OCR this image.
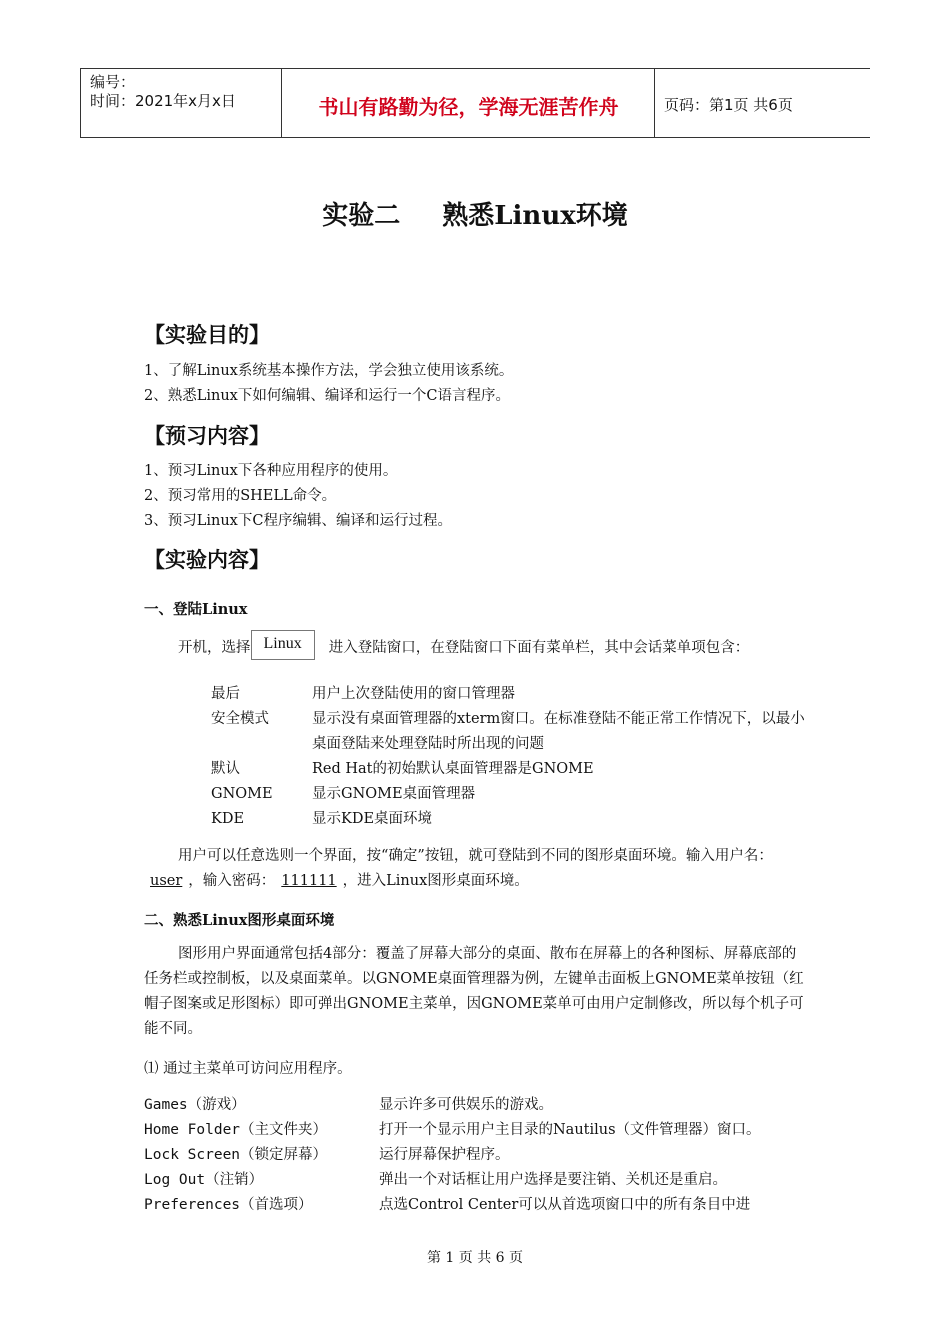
编号：
时间：2021年x月x日	书山有路勤为径，学海无涯苦作舟	页码：第1页 共6页
实验二 熟悉Linux环境
【实验目的】
1、了解Linux系统基本操作方法，学会独立使用该系统。
2、熟悉Linux下如何编辑、编译和运行一个C语言程序。
【预习内容】
1、预习Linux下各种应用程序的使用。
2、预习常用的SHELL命令。
3、预习Linux下C程序编辑、编译和运行过程。
【实验内容】
一、登陆Linux
开机，选择 Linux 进入登陆窗口，在登陆窗口下面有菜单栏，其中会话菜单项包含：
最后	用户上次登陆使用的窗口管理器
安全模式	显示没有桌面管理器的xterm窗口。在标准登陆不能正常工作情况下，以最小桌面登陆来处理登陆时所出现的问题
默认	Red Hat的初始默认桌面管理器是GNOME
GNOME	显示GNOME桌面管理器
KDE	显示KDE桌面环境
用户可以任意选则一个界面，按“确定”按钮，就可登陆到不同的图形桌面环境。输入用户名：user ，输入密码： 111111 ，进入Linux图形桌面环境。
二、熟悉Linux图形桌面环境
图形用户界面通常包括4部分：覆盖了屏幕大部分的桌面、散布在屏幕上的各种图标、屏幕底部的任务栏或控制板，以及桌面菜单。以GNOME桌面管理器为例，左键单击面板上GNOME菜单按钮（红帽子图案或足形图标）即可弹出GNOME主菜单，因GNOME菜单可由用户定制修改，所以每个机子可能不同。
⑴ 通过主菜单可访问应用程序。
Games（游戏）	显示许多可供娱乐的游戏。
Home Folder（主文件夹）	打开一个显示用户主目录的Nautilus（文件管理器）窗口。
Lock Screen（锁定屏幕）	运行屏幕保护程序。
Log Out（注销）	弹出一个对话框让用户选择是要注销、关机还是重启。
Preferences（首选项）	点选Control Center可以从首选项窗口中的所有条目中进
第 1 页 共 6 页
